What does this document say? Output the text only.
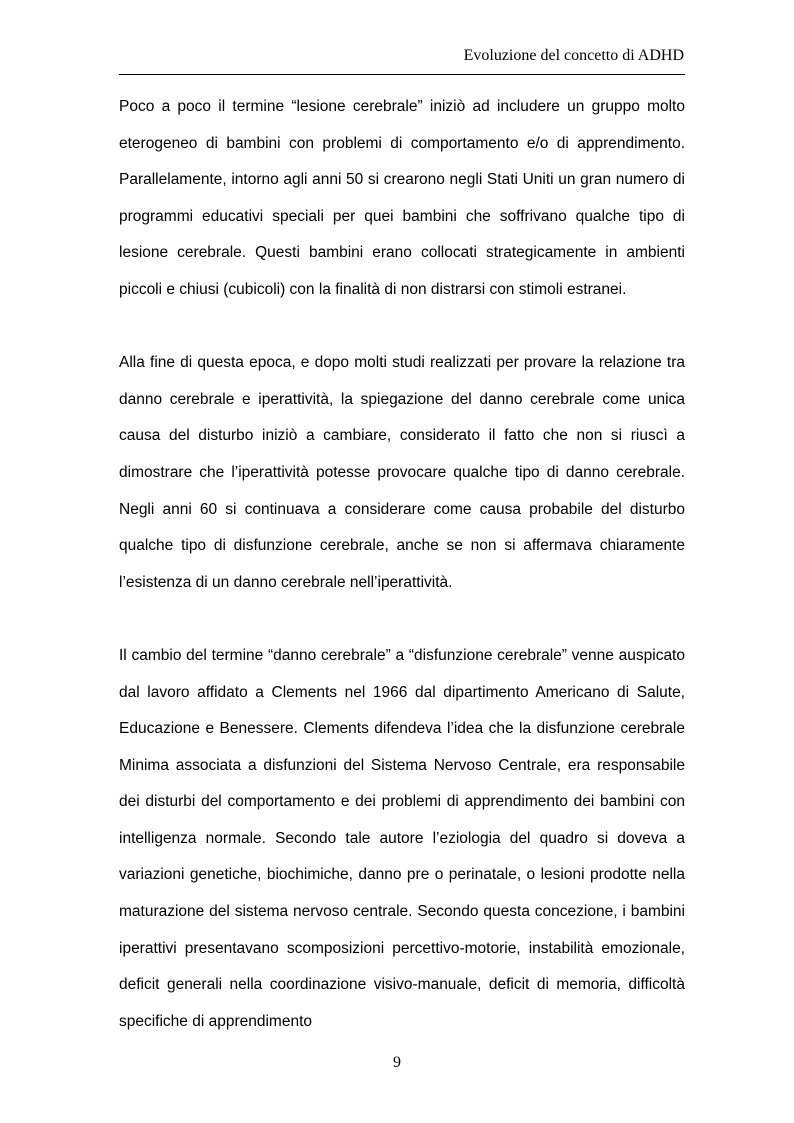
Evoluzione del concetto di ADHD

Poco a poco il termine “lesione cerebrale” iniziò ad includere un gruppo molto eterogeneo di bambini con problemi di comportamento e/o di apprendimento. Parallelamente, intorno agli anni 50 si crearono negli Stati Uniti un gran numero di programmi educativi speciali per quei bambini che soffrivano qualche tipo di lesione cerebrale. Questi bambini erano collocati strategicamente in ambienti piccoli e chiusi (cubicoli) con la finalità di non distrarsi con stimoli estranei.

Alla fine di questa epoca, e dopo molti studi realizzati per provare la relazione tra danno cerebrale e iperattività, la spiegazione del danno cerebrale come unica causa del disturbo iniziò a cambiare, considerato il fatto che non si riuscì a dimostrare che l’iperattività potesse provocare qualche tipo di danno cerebrale. Negli anni 60 si continuava a considerare come causa probabile del disturbo qualche tipo di disfunzione cerebrale, anche se non si affermava chiaramente l’esistenza di un danno cerebrale nell’iperattività.

Il cambio del termine “danno cerebrale” a “disfunzione cerebrale” venne auspicato dal lavoro affidato a Clements nel 1966 dal dipartimento Americano di Salute, Educazione e Benessere. Clements difendeva l’idea che la disfunzione cerebrale Minima associata a disfunzioni del Sistema Nervoso Centrale, era responsabile dei disturbi del comportamento e dei problemi di apprendimento dei bambini con intelligenza normale. Secondo tale autore l’eziologia del quadro si doveva a variazioni genetiche, biochimiche, danno pre o perinatale, o lesioni prodotte nella maturazione del sistema nervoso centrale. Secondo questa concezione, i bambini iperattivi presentavano scomposizioni percettivo-motorie, instabilità emozionale, deficit generali nella coordinazione visivo-manuale, deficit di memoria, difficoltà specifiche di apprendimento

9
